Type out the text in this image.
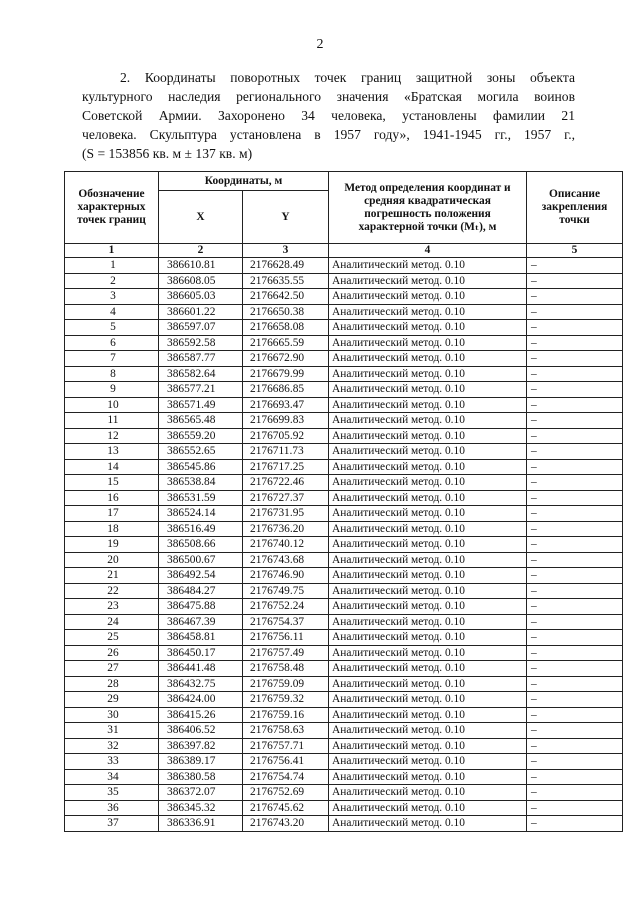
2
2. Координаты поворотных точек границ защитной зоны объекта
культурного наследия регионального значения «Братская могила воинов
Советской Армии. Захоронено 34 человека, установлены фамилии 21
человека. Скульптура установлена в 1957 году», 1941-1945 гг., 1957 г.,
(S = 153856 кв. м ± 137 кв. м)
Обозначение характерных точек границ	Координаты, м		Метод определения координат и средняя квадратическая погрешность положения характерной точки (Mₜ), м	Описание закрепления точки
	X	Y		
1	2	3	4	5
1	386610.81	2176628.49	Аналитический метод. 0.10	–
2	386608.05	2176635.55	Аналитический метод. 0.10	–
3	386605.03	2176642.50	Аналитический метод. 0.10	–
4	386601.22	2176650.38	Аналитический метод. 0.10	–
5	386597.07	2176658.08	Аналитический метод. 0.10	–
6	386592.58	2176665.59	Аналитический метод. 0.10	–
7	386587.77	2176672.90	Аналитический метод. 0.10	–
8	386582.64	2176679.99	Аналитический метод. 0.10	–
9	386577.21	2176686.85	Аналитический метод. 0.10	–
10	386571.49	2176693.47	Аналитический метод. 0.10	–
11	386565.48	2176699.83	Аналитический метод. 0.10	–
12	386559.20	2176705.92	Аналитический метод. 0.10	–
13	386552.65	2176711.73	Аналитический метод. 0.10	–
14	386545.86	2176717.25	Аналитический метод. 0.10	–
15	386538.84	2176722.46	Аналитический метод. 0.10	–
16	386531.59	2176727.37	Аналитический метод. 0.10	–
17	386524.14	2176731.95	Аналитический метод. 0.10	–
18	386516.49	2176736.20	Аналитический метод. 0.10	–
19	386508.66	2176740.12	Аналитический метод. 0.10	–
20	386500.67	2176743.68	Аналитический метод. 0.10	–
21	386492.54	2176746.90	Аналитический метод. 0.10	–
22	386484.27	2176749.75	Аналитический метод. 0.10	–
23	386475.88	2176752.24	Аналитический метод. 0.10	–
24	386467.39	2176754.37	Аналитический метод. 0.10	–
25	386458.81	2176756.11	Аналитический метод. 0.10	–
26	386450.17	2176757.49	Аналитический метод. 0.10	–
27	386441.48	2176758.48	Аналитический метод. 0.10	–
28	386432.75	2176759.09	Аналитический метод. 0.10	–
29	386424.00	2176759.32	Аналитический метод. 0.10	–
30	386415.26	2176759.16	Аналитический метод. 0.10	–
31	386406.52	2176758.63	Аналитический метод. 0.10	–
32	386397.82	2176757.71	Аналитический метод. 0.10	–
33	386389.17	2176756.41	Аналитический метод. 0.10	–
34	386380.58	2176754.74	Аналитический метод. 0.10	–
35	386372.07	2176752.69	Аналитический метод. 0.10	–
36	386345.32	2176745.62	Аналитический метод. 0.10	–
37	386336.91	2176743.20	Аналитический метод. 0.10	–
